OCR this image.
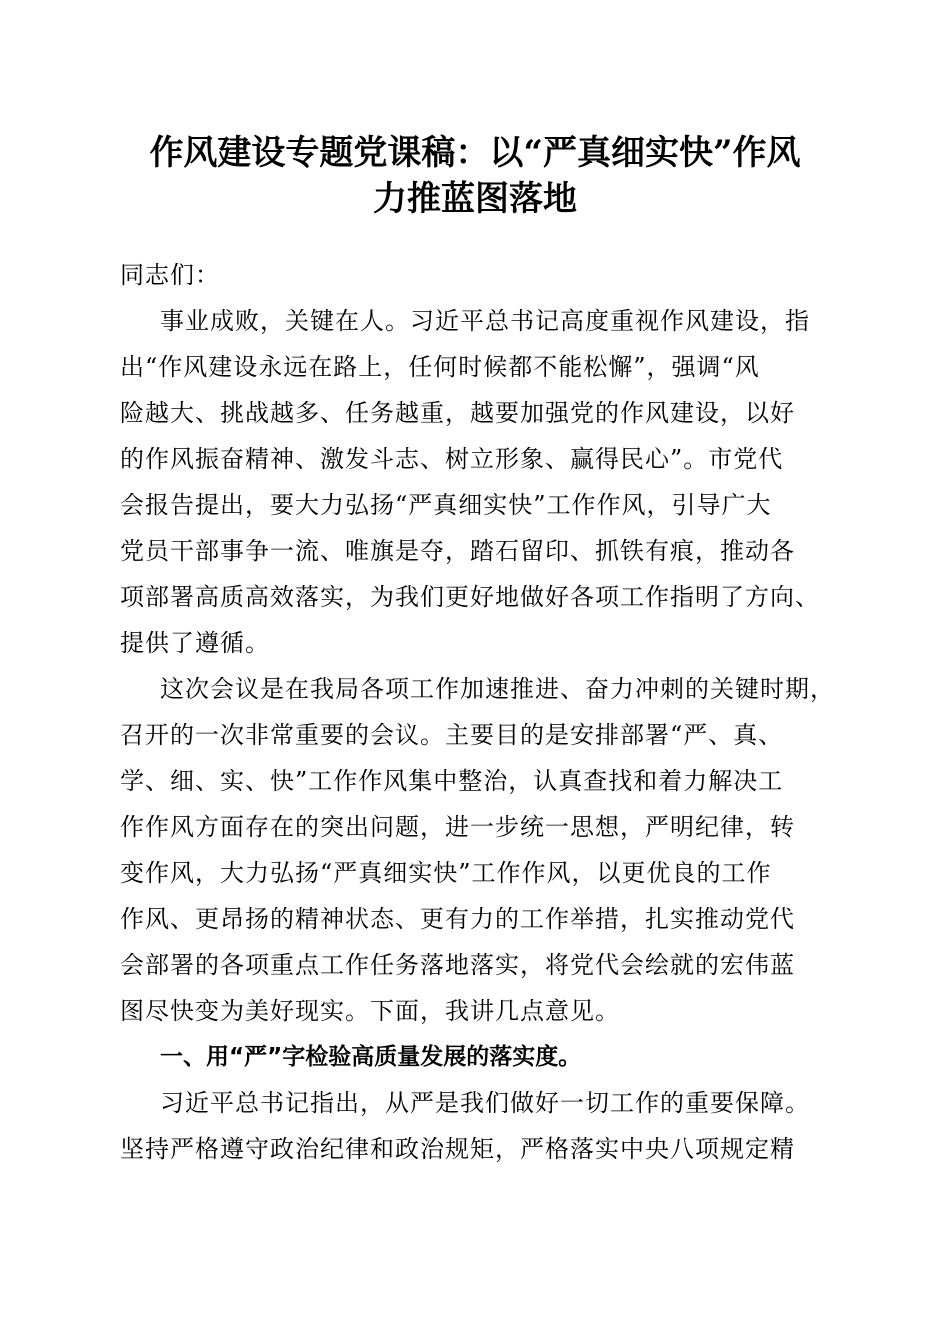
作风建设专题党课稿：以“严真细实快”作风
力推蓝图落地
同志们：
事业成败，关键在人。习近平总书记高度重视作风建设，指
出“作风建设永远在路上，任何时候都不能松懈”，强调“风
险越大、挑战越多、任务越重，越要加强党的作风建设，以好
的作风振奋精神、激发斗志、树立形象、赢得民心”。市党代
会报告提出，要大力弘扬“严真细实快”工作作风，引导广大
党员干部事争一流、唯旗是夺，踏石留印、抓铁有痕，推动各
项部署高质高效落实，为我们更好地做好各项工作指明了方向、
提供了遵循。
这次会议是在我局各项工作加速推进、奋力冲刺的关键时期，
召开的一次非常重要的会议。主要目的是安排部署“严、真、
学、细、实、快”工作作风集中整治，认真查找和着力解决工
作作风方面存在的突出问题，进一步统一思想，严明纪律，转
变作风，大力弘扬“严真细实快”工作作风，以更优良的工作
作风、更昂扬的精神状态、更有力的工作举措，扎实推动党代
会部署的各项重点工作任务落地落实，将党代会绘就的宏伟蓝
图尽快变为美好现实。下面，我讲几点意见。
一、用“严”字检验高质量发展的落实度。
习近平总书记指出，从严是我们做好一切工作的重要保障。
坚持严格遵守政治纪律和政治规矩，严格落实中央八项规定精
